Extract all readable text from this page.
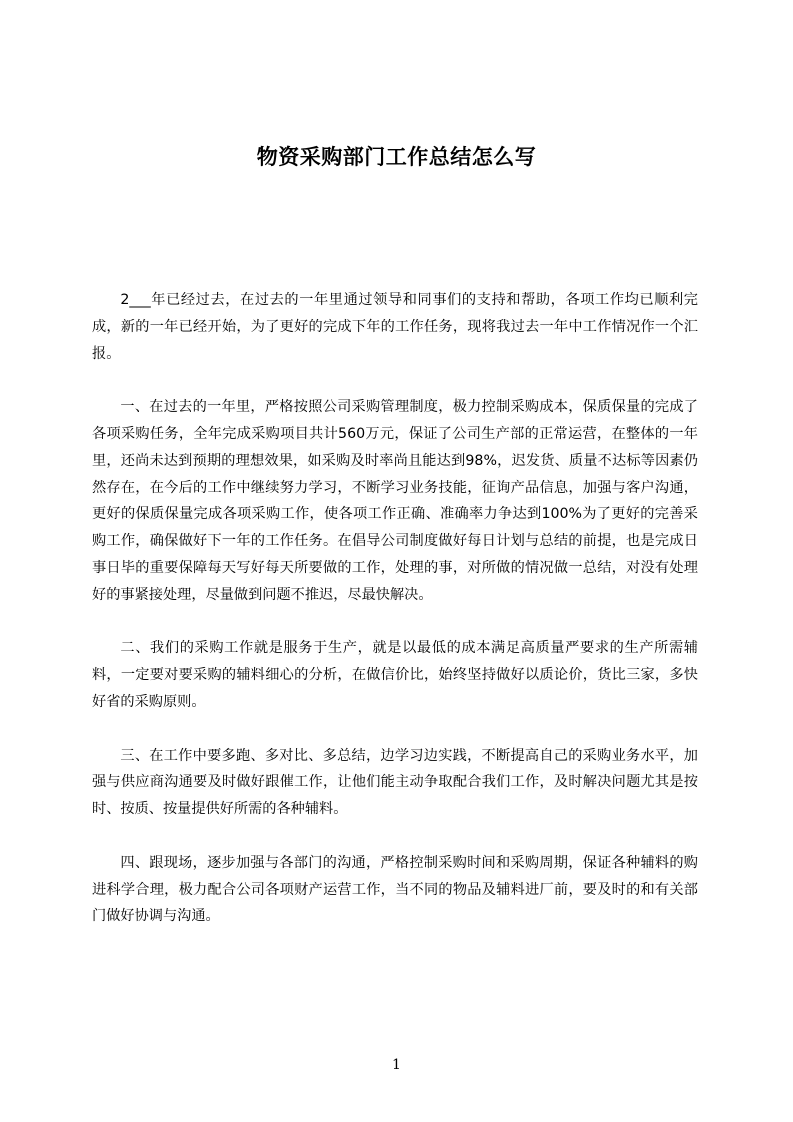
物资采购部门工作总结怎么写

2___年已经过去，在过去的一年里通过领导和同事们的支持和帮助，各项工作均已顺利完成，新的一年已经开始，为了更好的完成下年的工作任务，现将我过去一年中工作情况作一个汇报。

一、在过去的一年里，严格按照公司采购管理制度，极力控制采购成本，保质保量的完成了各项采购任务，全年完成采购项目共计560万元，保证了公司生产部的正常运营，在整体的一年里，还尚未达到预期的理想效果，如采购及时率尚且能达到98%，迟发货、质量不达标等因素仍然存在，在今后的工作中继续努力学习，不断学习业务技能，征询产品信息，加强与客户沟通，更好的保质保量完成各项采购工作，使各项工作正确、准确率力争达到100%为了更好的完善采购工作，确保做好下一年的工作任务。在倡导公司制度做好每日计划与总结的前提，也是完成日事日毕的重要保障每天写好每天所要做的工作，处理的事，对所做的情况做一总结，对没有处理好的事紧接处理，尽量做到问题不推迟，尽最快解决。

二、我们的采购工作就是服务于生产，就是以最低的成本满足高质量严要求的生产所需辅料，一定要对要采购的辅料细心的分析，在做信价比，始终坚持做好以质论价，货比三家，多快好省的采购原则。

三、在工作中要多跑、多对比、多总结，边学习边实践，不断提高自己的采购业务水平，加强与供应商沟通要及时做好跟催工作，让他们能主动争取配合我们工作，及时解决问题尤其是按时、按质、按量提供好所需的各种辅料。

四、跟现场，逐步加强与各部门的沟通，严格控制采购时间和采购周期，保证各种辅料的购进科学合理，极力配合公司各项财产运营工作，当不同的物品及辅料进厂前，要及时的和有关部门做好协调与沟通。

1
